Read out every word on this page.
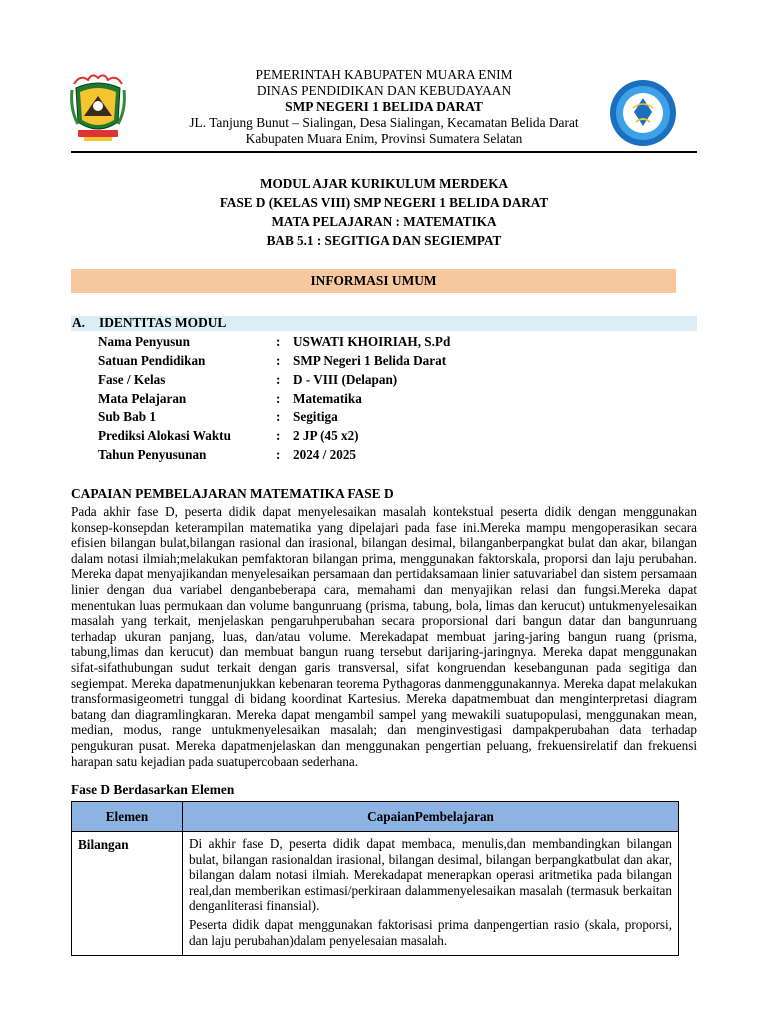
PEMERINTAH KABUPATEN MUARA ENIM
DINAS PENDIDIKAN DAN KEBUDAYAAN
SMP NEGERI 1 BELIDA DARAT
JL. Tanjung Bunut – Sialingan, Desa Sialingan, Kecamatan Belida Darat
Kabupaten Muara Enim, Provinsi Sumatera Selatan
MODUL AJAR KURIKULUM MERDEKA
FASE D (KELAS VIII) SMP NEGERI 1 BELIDA DARAT
MATA PELAJARAN : MATEMATIKA
BAB 5.1 : SEGITIGA DAN SEGIEMPAT
INFORMASI UMUM
A. IDENTITAS MODUL
Nama Penyusun	: USWATI KHOIRIAH, S.Pd
Satuan Pendidikan	: SMP Negeri 1 Belida Darat
Fase / Kelas	: D - VIII (Delapan)
Mata Pelajaran	: Matematika
Sub Bab 1	: Segitiga
Prediksi Alokasi Waktu	: 2 JP (45 x2)
Tahun Penyusunan	: 2024 / 2025
CAPAIAN PEMBELAJARAN MATEMATIKA FASE D
Pada akhir fase D, peserta didik dapat menyelesaikan masalah kontekstual peserta didik dengan menggunakan konsep-konsepdan keterampilan matematika yang dipelajari pada fase ini.Mereka mampu mengoperasikan secara efisien bilangan bulat,bilangan rasional dan irasional, bilangan desimal, bilanganberpangkat bulat dan akar, bilangan dalam notasi ilmiah;melakukan pemfaktoran bilangan prima, menggunakan faktorskala, proporsi dan laju perubahan. Mereka dapat menyajikandan menyelesaikan persamaan dan pertidaksamaan linier satuvariabel dan sistem persamaan linier dengan dua variabel denganbeberapa cara, memahami dan menyajikan relasi dan fungsi.Mereka dapat menentukan luas permukaan dan volume bangunruang (prisma, tabung, bola, limas dan kerucut) untukmenyelesaikan masalah yang terkait, menjelaskan pengaruhperubahan secara proporsional dari bangun datar dan bangunruang terhadap ukuran panjang, luas, dan/atau volume. Merekadapat membuat jaring-jaring bangun ruang (prisma, tabung,limas dan kerucut) dan membuat bangun ruang tersebut darijaring-jaringnya. Mereka dapat menggunakan sifat-sifathubungan sudut terkait dengan garis transversal, sifat kongruendan kesebangunan pada segitiga dan segiempat. Mereka dapatmenunjukkan kebenaran teorema Pythagoras danmenggunakannya. Mereka dapat melakukan transformasigeometri tunggal di bidang koordinat Kartesius. Mereka dapatmembuat dan menginterpretasi diagram batang dan diagramlingkaran. Mereka dapat mengambil sampel yang mewakili suatupopulasi, menggunakan mean, median, modus, range untukmenyelesaikan masalah; dan menginvestigasi dampakperubahan data terhadap pengukuran pusat. Mereka dapatmenjelaskan dan menggunakan pengertian peluang, frekuensirelatif dan frekuensi harapan satu kejadian pada suatupercobaan sederhana.
Fase D Berdasarkan Elemen
Elemen	CapaianPembelajaran
Bilangan	Di akhir fase D, peserta didik dapat membaca, menulis,dan membandingkan bilangan bulat, bilangan rasionaldan irasional, bilangan desimal, bilangan berpangkatbulat dan akar, bilangan dalam notasi ilmiah. Merekadapat menerapkan operasi aritmetika pada bilangan real,dan memberikan estimasi/perkiraan dalammenyelesaikan masalah (termasuk berkaitan denganliterasi finansial).

Peserta didik dapat menggunakan faktorisasi prima danpengertian rasio (skala, proporsi, dan laju perubahan)dalam penyelesaian masalah.
